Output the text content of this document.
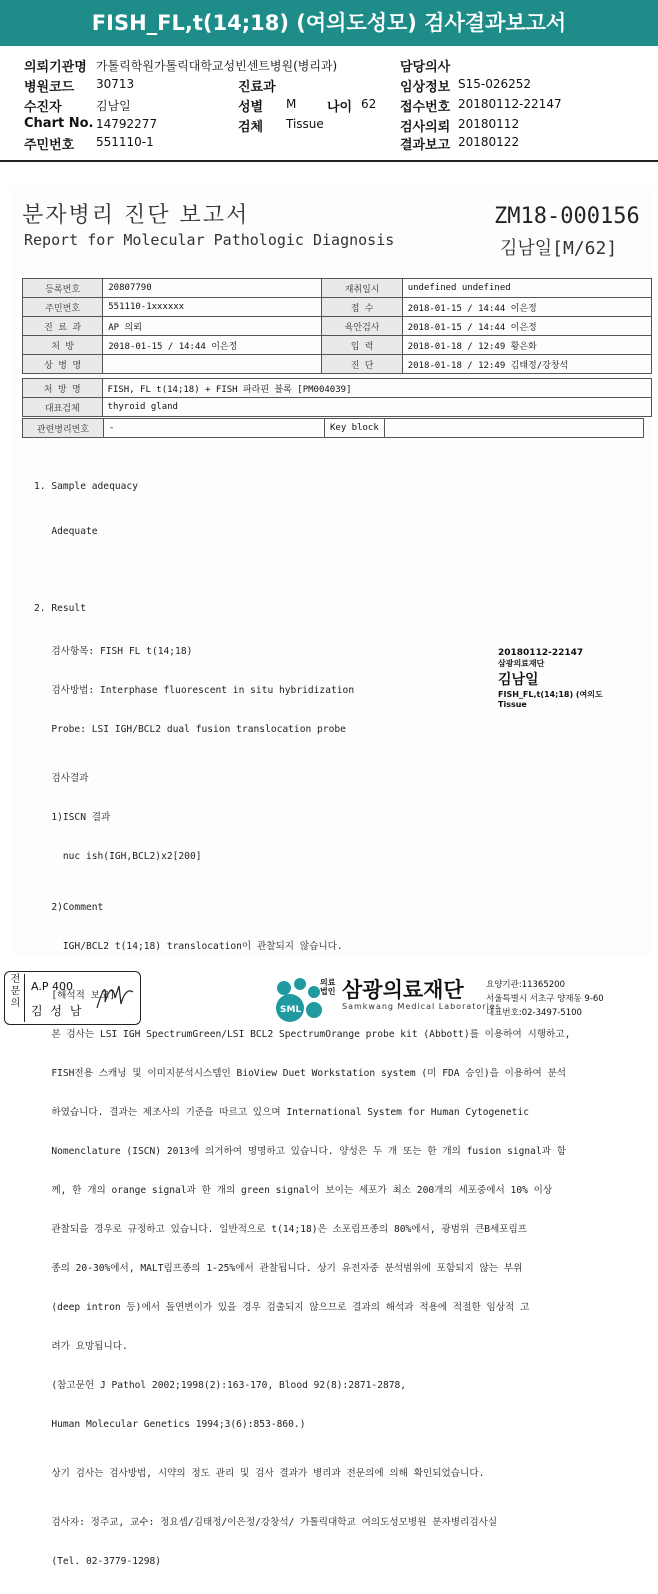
FISH_FL,t(14;18) (여의도성모) 검사결과보고서
의뢰기관명 가톨릭학원가톨릭대학교성빈센트병원(병리과)
병원코드 30713
수진자	김남일
Chart No. 14792277
주민번호 551110-1
진료과
성별 M 나이 62
검체 Tissue
담당의사
임상정보 S15-026252
접수번호 20180112-22147
검사의뢰 20180112
결과보고 20180122
분자병리 진단 보고서
Report for Molecular Pathologic Diagnosis
ZM18-000156
김남일[M/62]
등록번호	20807790	재취일시	undefined undefined
주민번호	551110-1xxxxxx	접 수	2018-01-15 / 14:44 이은정
진 료 과	AP 의뢰	육안검사	2018-01-15 / 14:44 이은정
처 방	2018-01-15 / 14:44 이은정	입 력	2018-01-18 / 12:49 황은화
상 병 명		진 단	2018-01-18 / 12:49 김태정/강창석
처 방 명	FISH, FL t(14;18) + FISH 파라핀 블록 [PM004039]
대표검체	thyroid gland
관련병리번호	-	Key block	

1. Sample adequacy

Adequate

2. Result

검사항목: FISH FL t(14;18)

검사방법: Interphase fluorescent in situ hybridization

Probe: LSI IGH/BCL2 dual fusion translocation probe

검사결과

1)ISCN 결과

nuc ish(IGH,BCL2)x2[200]

2)Comment

IGH/BCL2 t(14;18) translocation이 관찰되지 않습니다.

[해석적 보고]

본 검사는 LSI IGH SpectrumGreen/LSI BCL2 SpectrumOrange probe kit (Abbott)를 이용하여 시행하고,

FISH전용 스캐닝 및 이미지분석시스템인 BioView Duet Workstation system (미 FDA 승인)을 이용하여 분석

하였습니다. 결과는 제조사의 기준을 따르고 있으며 International System for Human Cytogenetic

Nomenclature (ISCN) 2013에 의거하여 명명하고 있습니다. 양성은 두 개 또는 한 개의 fusion signal과 함

께, 한 개의 orange signal과 한 개의 green signal이 보이는 세포가 최소 200개의 세포중에서 10% 이상

관찰되을 경우로 규정하고 있습니다. 일반적으로 t(14;18)은 소포림프종의 80%에서, 광범위 큰B세포림프

종의 20-30%에서, MALT림프종의 1-25%에서 관찰됩니다. 상기 유전자중 분석범위에 포함되지 않는 부위

(deep intron 등)에서 돌연변이가 있을 경우 검출되지 않으므로 결과의 해석과 적용에 적절한 임상적 고

려가 요망됩니다.

(참고문헌 J Pathol 2002;1998(2):163-170, Blood 92(8):2871-2878,

Human Molecular Genetics 1994;3(6):853-860.)

상기 검사는 검사방법, 시약의 정도 관리 및 검사 결과가 병리과 전문의에 의해 확인되었습니다.

검사자: 정주교, 교수: 정요셉/김태정/이은정/강창석/ 가톨릭대학교 여의도성모병원 분자병리검사실

(Tel. 02-3779-1298)

20180112-22147
삼광의료재단
김남일
FISH_FL,t(14;18) (여의도
Tissue
전문의
A.P 400
김 성 남	SML
의료
법인 삼광의료재단
Samkwang Medical Laboratories
요양기관:11365200
서울특별시 서초구 양재동 9-60
대표번호:02-3497-5100
